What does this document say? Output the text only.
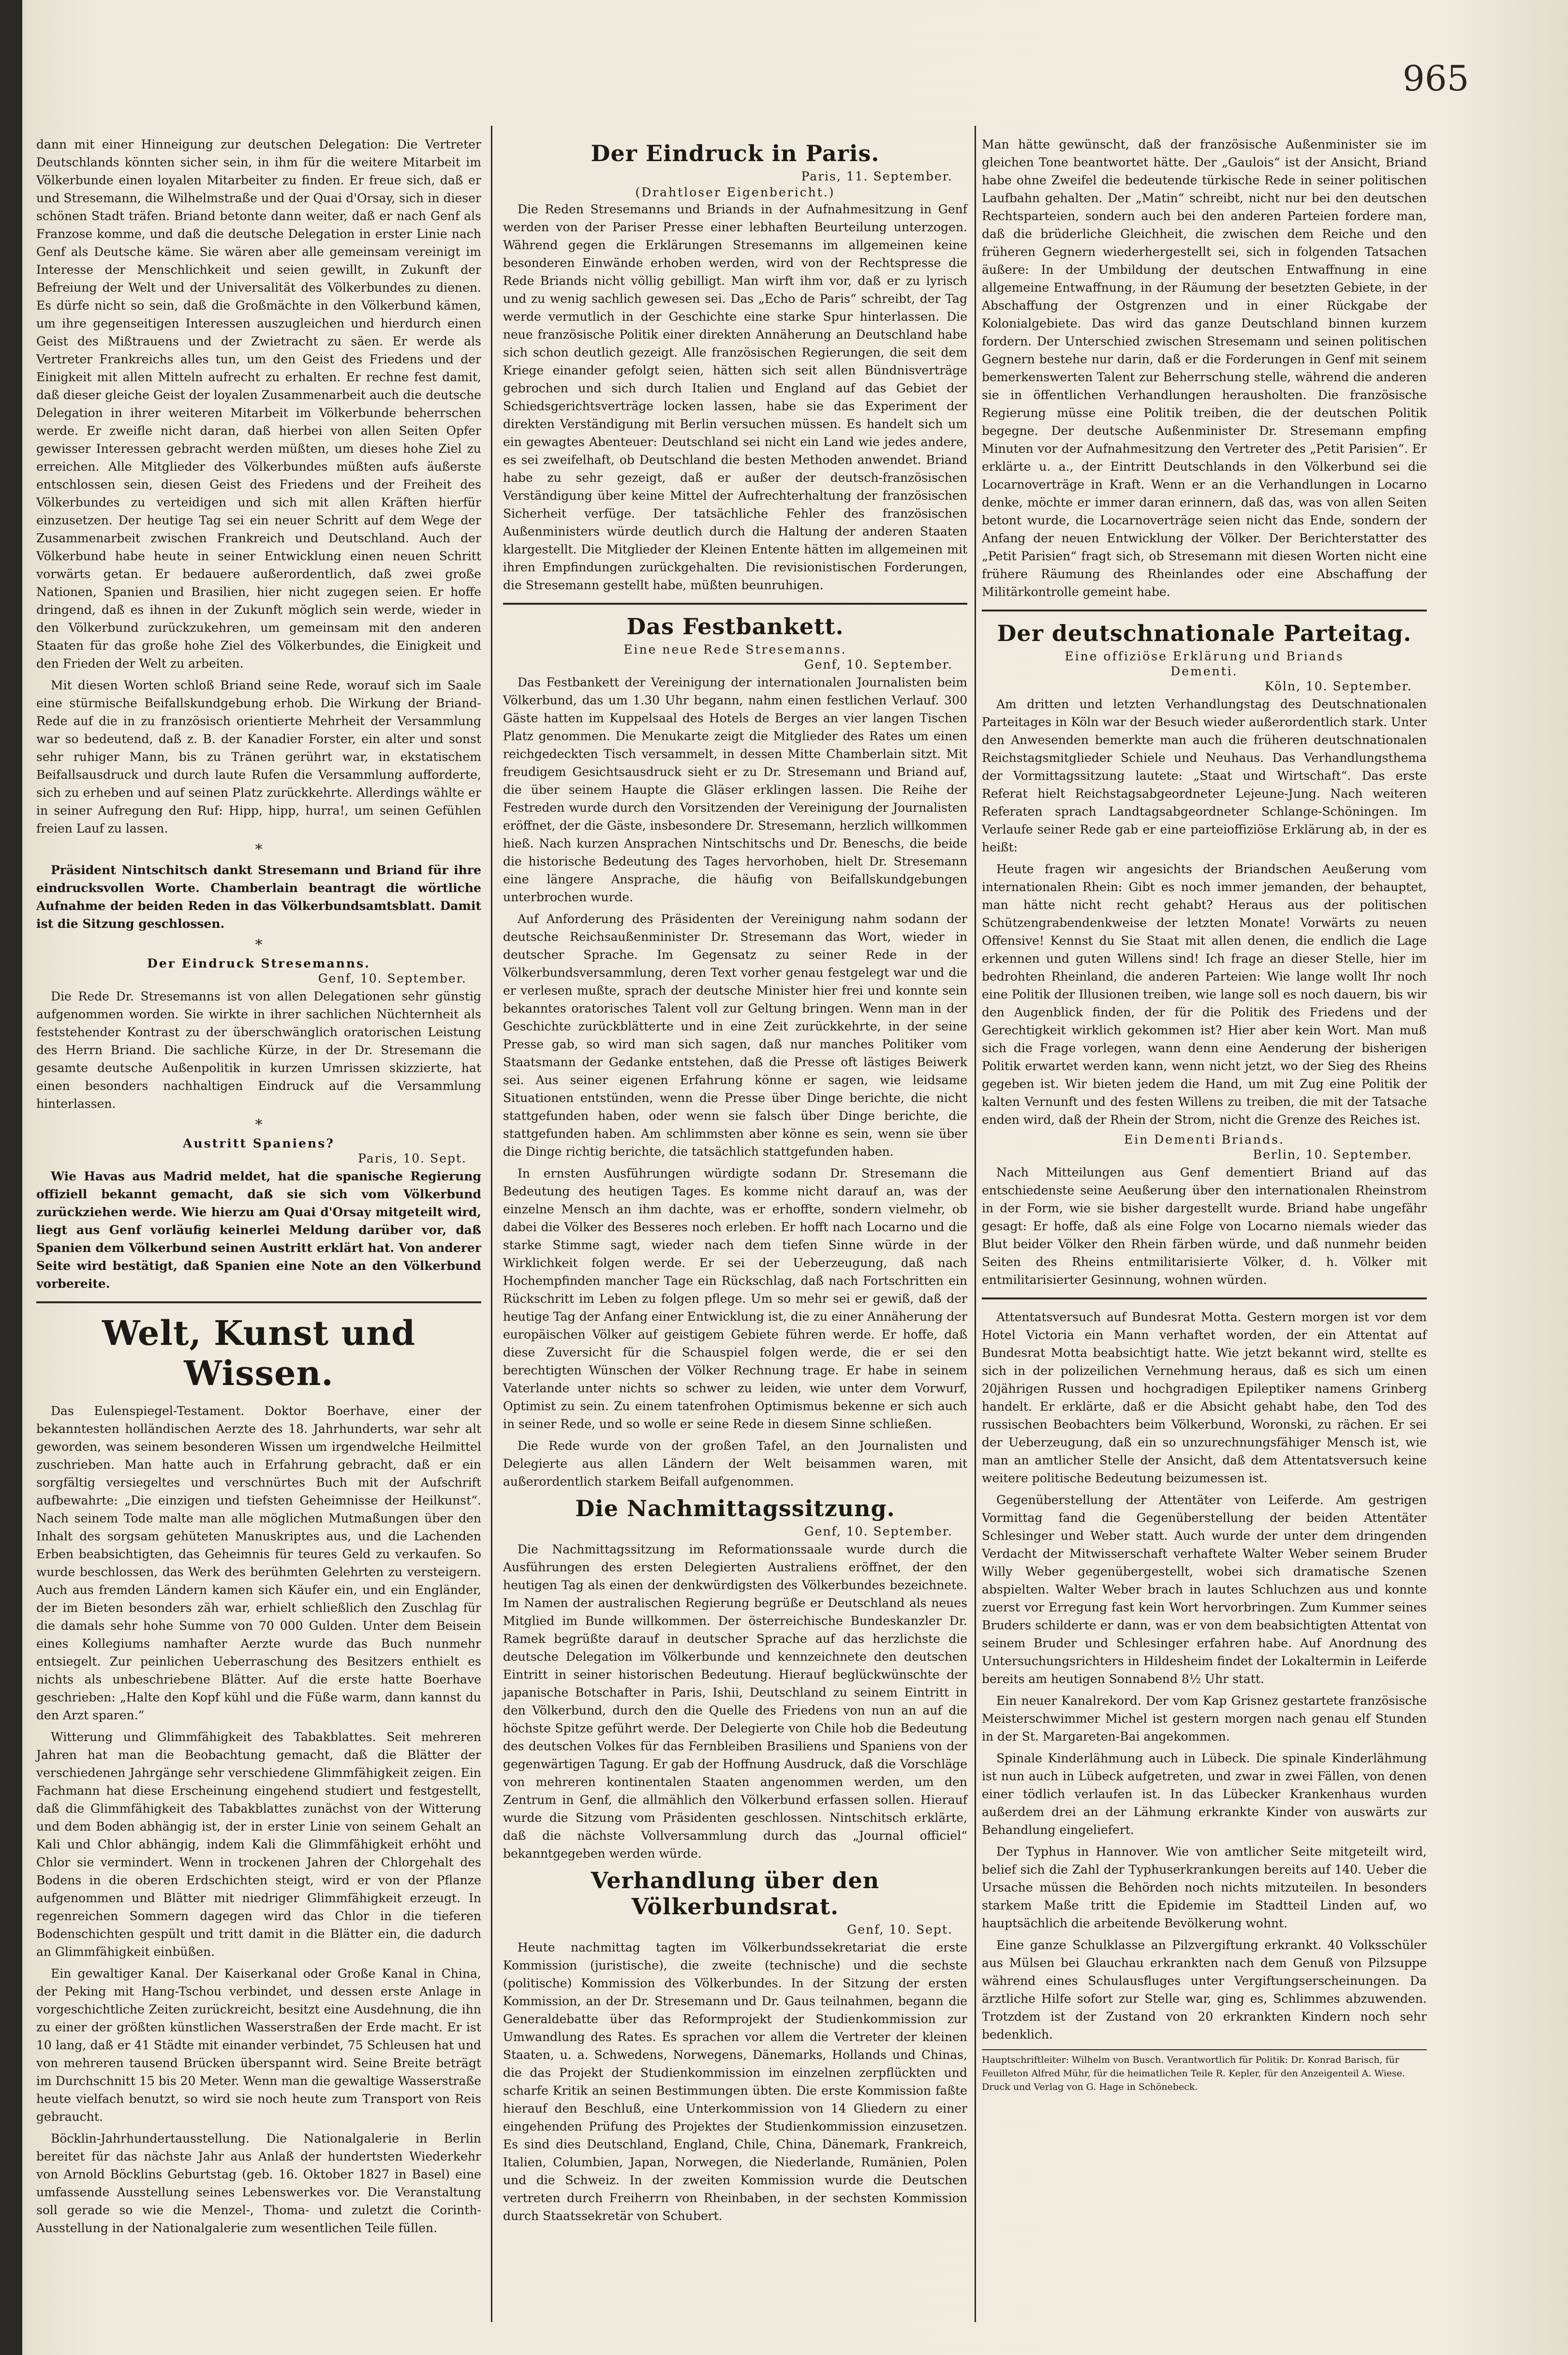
965

dann mit einer Hinneigung zur deutschen Delegation: Die Vertreter Deutschlands könnten sicher sein, in ihm für die weitere Mitarbeit im Völkerbunde einen loyalen Mitarbeiter zu finden. Er freue sich, daß er und Stresemann, die Wilhelmstraße und der Quai d'Orsay, sich in dieser schönen Stadt träfen. Briand betonte dann weiter, daß er nach Genf als Franzose komme, und daß die deutsche Delegation in erster Linie nach Genf als Deutsche käme. Sie wären aber alle gemeinsam vereinigt im Interesse der Menschlichkeit und seien gewillt, in Zukunft der Befreiung der Welt und der Universalität des Völkerbundes zu dienen. Es dürfe nicht so sein, daß die Großmächte in den Völkerbund kämen, um ihre gegenseitigen Interessen auszugleichen und hierdurch einen Geist des Mißtrauens und der Zwietracht zu säen. Er werde als Vertreter Frankreichs alles tun, um den Geist des Friedens und der Einigkeit mit allen Mitteln aufrecht zu erhalten. Er rechne fest damit, daß dieser gleiche Geist der loyalen Zusammenarbeit auch die deutsche Delegation in ihrer weiteren Mitarbeit im Völkerbunde beherrschen werde. Er zweifle nicht daran, daß hierbei von allen Seiten Opfer gewisser Interessen gebracht werden müßten, um dieses hohe Ziel zu erreichen. Alle Mitglieder des Völkerbundes müßten aufs äußerste entschlossen sein, diesen Geist des Friedens und der Freiheit des Völkerbundes zu verteidigen und sich mit allen Kräften hierfür einzusetzen. Der heutige Tag sei ein neuer Schritt auf dem Wege der Zusammenarbeit zwischen Frankreich und Deutschland. Auch der Völkerbund habe heute in seiner Entwicklung einen neuen Schritt vorwärts getan. Er bedauere außerordentlich, daß zwei große Nationen, Spanien und Brasilien, hier nicht zugegen seien. Er hoffe dringend, daß es ihnen in der Zukunft möglich sein werde, wieder in den Völkerbund zurückzukehren, um gemeinsam mit den anderen Staaten für das große hohe Ziel des Völkerbundes, die Einigkeit und den Frieden der Welt zu arbeiten.

Mit diesen Worten schloß Briand seine Rede, worauf sich im Saale eine stürmische Beifallskundgebung erhob. Die Wirkung der Briand-Rede auf die in zu französisch orientierte Mehrheit der Versammlung war so bedeutend, daß z. B. der Kanadier Forster, ein alter und sonst sehr ruhiger Mann, bis zu Tränen gerührt war, in ekstatischem Beifallsausdruck und durch laute Rufen die Versammlung aufforderte, sich zu erheben und auf seinen Platz zurückkehrte. Allerdings wählte er in seiner Aufregung den Ruf: Hipp, hipp, hurra!, um seinen Gefühlen freien Lauf zu lassen.

*

Präsident Nintschitsch dankt Stresemann und Briand für ihre eindrucksvollen Worte. Chamberlain beantragt die wörtliche Aufnahme der beiden Reden in das Völkerbundsamtsblatt. Damit ist die Sitzung geschlossen.

*
Der Eindruck Stresemanns.
Genf, 10. September.

Die Rede Dr. Stresemanns ist von allen Delegationen sehr günstig aufgenommen worden. Sie wirkte in ihrer sachlichen Nüchternheit als feststehender Kontrast zu der überschwänglich oratorischen Leistung des Herrn Briand. Die sachliche Kürze, in der Dr. Stresemann die gesamte deutsche Außenpolitik in kurzen Umrissen skizzierte, hat einen besonders nachhaltigen Eindruck auf die Versammlung hinterlassen.

*
Austritt Spaniens?
Paris, 10. Sept.

Wie Havas aus Madrid meldet, hat die spanische Regierung offiziell bekannt gemacht, daß sie sich vom Völkerbund zurückziehen werde. Wie hierzu am Quai d'Orsay mitgeteilt wird, liegt aus Genf vorläufig keinerlei Meldung darüber vor, daß Spanien dem Völkerbund seinen Austritt erklärt hat. Von anderer Seite wird bestätigt, daß Spanien eine Note an den Völkerbund vorbereite.

Welt, Kunst und Wissen.

Das Eulenspiegel-Testament. Doktor Boerhave, einer der bekanntesten holländischen Aerzte des 18. Jahrhunderts, war sehr alt geworden, was seinem besonderen Wissen um irgendwelche Heilmittel zuschrieben. Man hatte auch in Erfahrung gebracht, daß er ein sorgfältig versiegeltes und verschnürtes Buch mit der Aufschrift aufbewahrte: „Die einzigen und tiefsten Geheimnisse der Heilkunst“. Nach seinem Tode malte man alle möglichen Mutmaßungen über den Inhalt des sorgsam gehüteten Manuskriptes aus, und die Lachenden Erben beabsichtigten, das Geheimnis für teures Geld zu verkaufen. So wurde beschlossen, das Werk des berühmten Gelehrten zu versteigern. Auch aus fremden Ländern kamen sich Käufer ein, und ein Engländer, der im Bieten besonders zäh war, erhielt schließlich den Zuschlag für die damals sehr hohe Summe von 70 000 Gulden. Unter dem Beisein eines Kollegiums namhafter Aerzte wurde das Buch nunmehr entsiegelt. Zur peinlichen Ueberraschung des Besitzers enthielt es nichts als unbeschriebene Blätter. Auf die erste hatte Boerhave geschrieben: „Halte den Kopf kühl und die Füße warm, dann kannst du den Arzt sparen.“

Witterung und Glimmfähigkeit des Tabakblattes. Seit mehreren Jahren hat man die Beobachtung gemacht, daß die Blätter der verschiedenen Jahrgänge sehr verschiedene Glimmfähigkeit zeigen. Ein Fachmann hat diese Erscheinung eingehend studiert und festgestellt, daß die Glimmfähigkeit des Tabakblattes zunächst von der Witterung und dem Boden abhängig ist, der in erster Linie von seinem Gehalt an Kali und Chlor abhängig, indem Kali die Glimmfähigkeit erhöht und Chlor sie vermindert. Wenn in trockenen Jahren der Chlorgehalt des Bodens in die oberen Erdschichten steigt, wird er von der Pflanze aufgenommen und Blätter mit niedriger Glimmfähigkeit erzeugt. In regenreichen Sommern dagegen wird das Chlor in die tieferen Bodenschichten gespült und tritt damit in die Blätter ein, die dadurch an Glimmfähigkeit einbüßen.

Ein gewaltiger Kanal. Der Kaiserkanal oder Große Kanal in China, der Peking mit Hang-Tschou verbindet, und dessen erste Anlage in vorgeschichtliche Zeiten zurückreicht, besitzt eine Ausdehnung, die ihn zu einer der größten künstlichen Wasserstraßen der Erde macht. Er ist 10 lang, daß er 41 Städte mit einander verbindet, 75 Schleusen hat und von mehreren tausend Brücken überspannt wird. Seine Breite beträgt im Durchschnitt 15 bis 20 Meter. Wenn man die gewaltige Wasserstraße heute vielfach benutzt, so wird sie noch heute zum Transport von Reis gebraucht.

Böcklin-Jahrhundertausstellung. Die Nationalgalerie in Berlin bereitet für das nächste Jahr aus Anlaß der hundertsten Wiederkehr von Arnold Böcklins Geburtstag (geb. 16. Oktober 1827 in Basel) eine umfassende Ausstellung seines Lebenswerkes vor. Die Veranstaltung soll gerade so wie die Menzel-, Thoma- und zuletzt die Corinth-Ausstellung in der Nationalgalerie zum wesentlichen Teile füllen.

Der Eindruck in Paris.
Paris, 11. September.
(Drahtloser Eigenbericht.)

Die Reden Stresemanns und Briands in der Aufnahmesitzung in Genf werden von der Pariser Presse einer lebhaften Beurteilung unterzogen. Während gegen die Erklärungen Stresemanns im allgemeinen keine besonderen Einwände erhoben werden, wird von der Rechtspresse die Rede Briands nicht völlig gebilligt. Man wirft ihm vor, daß er zu lyrisch und zu wenig sachlich gewesen sei. Das „Echo de Paris“ schreibt, der Tag werde vermutlich in der Geschichte eine starke Spur hinterlassen. Die neue französische Politik einer direkten Annäherung an Deutschland habe sich schon deutlich gezeigt. Alle französischen Regierungen, die seit dem Kriege einander gefolgt seien, hätten sich seit allen Bündnisverträge gebrochen und sich durch Italien und England auf das Gebiet der Schiedsgerichtsverträge locken lassen, habe sie das Experiment der direkten Verständigung mit Berlin versuchen müssen. Es handelt sich um ein gewagtes Abenteuer: Deutschland sei nicht ein Land wie jedes andere, es sei zweifelhaft, ob Deutschland die besten Methoden anwendet. Briand habe zu sehr gezeigt, daß er außer der deutsch-französischen Verständigung über keine Mittel der Aufrechterhaltung der französischen Sicherheit verfüge. Der tatsächliche Fehler des französischen Außenministers würde deutlich durch die Haltung der anderen Staaten klargestellt. Die Mitglieder der Kleinen Entente hätten im allgemeinen mit ihren Empfindungen zurückgehalten. Die revisionistischen Forderungen, die Stresemann gestellt habe, müßten beunruhigen.

Das Festbankett.
Eine neue Rede Stresemanns.
Genf, 10. September.

Das Festbankett der Vereinigung der internationalen Journalisten beim Völkerbund, das um 1.30 Uhr begann, nahm einen festlichen Verlauf. 300 Gäste hatten im Kuppelsaal des Hotels de Berges an vier langen Tischen Platz genommen. Die Menukarte zeigt die Mitglieder des Rates um einen reichgedeckten Tisch versammelt, in dessen Mitte Chamberlain sitzt. Mit freudigem Gesichtsausdruck sieht er zu Dr. Stresemann und Briand auf, die über seinem Haupte die Gläser erklingen lassen. Die Reihe der Festreden wurde durch den Vorsitzenden der Vereinigung der Journalisten eröffnet, der die Gäste, insbesondere Dr. Stresemann, herzlich willkommen hieß. Nach kurzen Ansprachen Nintschitschs und Dr. Beneschs, die beide die historische Bedeutung des Tages hervorhoben, hielt Dr. Stresemann eine längere Ansprache, die häufig von Beifallskundgebungen unterbrochen wurde.

Auf Anforderung des Präsidenten der Vereinigung nahm sodann der deutsche Reichsaußenminister Dr. Stresemann das Wort, wieder in deutscher Sprache. Im Gegensatz zu seiner Rede in der Völkerbundsversammlung, deren Text vorher genau festgelegt war und die er verlesen mußte, sprach der deutsche Minister hier frei und konnte sein bekanntes oratorisches Talent voll zur Geltung bringen. Wenn man in der Geschichte zurückblätterte und in eine Zeit zurückkehrte, in der seine Presse gab, so wird man sich sagen, daß nur manches Politiker vom Staatsmann der Gedanke entstehen, daß die Presse oft lästiges Beiwerk sei. Aus seiner eigenen Erfahrung könne er sagen, wie leidsame Situationen entstünden, wenn die Presse über Dinge berichte, die nicht stattgefunden haben, oder wenn sie falsch über Dinge berichte, die stattgefunden haben. Am schlimmsten aber könne es sein, wenn sie über die Dinge richtig berichte, die tatsächlich stattgefunden haben.

In ernsten Ausführungen würdigte sodann Dr. Stresemann die Bedeutung des heutigen Tages. Es komme nicht darauf an, was der einzelne Mensch an ihm dachte, was er erhoffte, sondern vielmehr, ob dabei die Völker des Besseres noch erleben. Er hofft nach Locarno und die starke Stimme sagt, wieder nach dem tiefen Sinne würde in der Wirklichkeit folgen werde. Er sei der Ueberzeugung, daß nach Hochempfinden mancher Tage ein Rückschlag, daß nach Fortschritten ein Rückschritt im Leben zu folgen pflege. Um so mehr sei er gewiß, daß der heutige Tag der Anfang einer Entwicklung ist, die zu einer Annäherung der europäischen Völker auf geistigem Gebiete führen werde. Er hoffe, daß diese Zuversicht für die Schauspiel folgen werde, die er sei den berechtigten Wünschen der Völker Rechnung trage. Er habe in seinem Vaterlande unter nichts so schwer zu leiden, wie unter dem Vorwurf, Optimist zu sein. Zu einem tatenfrohen Optimismus bekenne er sich auch in seiner Rede, und so wolle er seine Rede in diesem Sinne schließen.

Die Rede wurde von der großen Tafel, an den Journalisten und Delegierte aus allen Ländern der Welt beisammen waren, mit außerordentlich starkem Beifall aufgenommen.

Die Nachmittagssitzung.
Genf, 10. September.

Die Nachmittagssitzung im Reformationssaale wurde durch die Ausführungen des ersten Delegierten Australiens eröffnet, der den heutigen Tag als einen der denkwürdigsten des Völkerbundes bezeichnete. Im Namen der australischen Regierung begrüße er Deutschland als neues Mitglied im Bunde willkommen. Der österreichische Bundeskanzler Dr. Ramek begrüßte darauf in deutscher Sprache auf das herzlichste die deutsche Delegation im Völkerbunde und kennzeichnete den deutschen Eintritt in seiner historischen Bedeutung. Hierauf beglückwünschte der japanische Botschafter in Paris, Ishii, Deutschland zu seinem Eintritt in den Völkerbund, durch den die Quelle des Friedens von nun an auf die höchste Spitze geführt werde. Der Delegierte von Chile hob die Bedeutung des deutschen Volkes für das Fernbleiben Brasiliens und Spaniens von der gegenwärtigen Tagung. Er gab der Hoffnung Ausdruck, daß die Vorschläge von mehreren kontinentalen Staaten angenommen werden, um den Zentrum in Genf, die allmählich den Völkerbund erfassen sollen. Hierauf wurde die Sitzung vom Präsidenten geschlossen. Nintschitsch erklärte, daß die nächste Vollversammlung durch das „Journal officiel“ bekanntgegeben werden würde.

Verhandlung über den Völkerbundsrat.
Genf, 10. Sept.

Heute nachmittag tagten im Völkerbundssekretariat die erste Kommission (juristische), die zweite (technische) und die sechste (politische) Kommission des Völkerbundes. In der Sitzung der ersten Kommission, an der Dr. Stresemann und Dr. Gaus teilnahmen, begann die Generaldebatte über das Reformprojekt der Studienkommission zur Umwandlung des Rates. Es sprachen vor allem die Vertreter der kleinen Staaten, u. a. Schwedens, Norwegens, Dänemarks, Hollands und Chinas, die das Projekt der Studienkommission im einzelnen zerpflückten und scharfe Kritik an seinen Bestimmungen übten. Die erste Kommission faßte hierauf den Beschluß, eine Unterkommission von 14 Gliedern zu einer eingehenden Prüfung des Projektes der Studienkommission einzusetzen. Es sind dies Deutschland, England, Chile, China, Dänemark, Frankreich, Italien, Columbien, Japan, Norwegen, die Niederlande, Rumänien, Polen und die Schweiz. In der zweiten Kommission wurde die Deutschen vertreten durch Freiherrn von Rheinbaben, in der sechsten Kommission durch Staatssekretär von Schubert.

Man hätte gewünscht, daß der französische Außenminister sie im gleichen Tone beantwortet hätte. Der „Gaulois“ ist der Ansicht, Briand habe ohne Zweifel die bedeutende türkische Rede in seiner politischen Laufbahn gehalten. Der „Matin“ schreibt, nicht nur bei den deutschen Rechtsparteien, sondern auch bei den anderen Parteien fordere man, daß die brüderliche Gleichheit, die zwischen dem Reiche und den früheren Gegnern wiederhergestellt sei, sich in folgenden Tatsachen äußere: In der Umbildung der deutschen Entwaffnung in eine allgemeine Entwaffnung, in der Räumung der besetzten Gebiete, in der Abschaffung der Ostgrenzen und in einer Rückgabe der Kolonialgebiete. Das wird das ganze Deutschland binnen kurzem fordern. Der Unterschied zwischen Stresemann und seinen politischen Gegnern bestehe nur darin, daß er die Forderungen in Genf mit seinem bemerkenswerten Talent zur Beherrschung stelle, während die anderen sie in öffentlichen Verhandlungen herausholten. Die französische Regierung müsse eine Politik treiben, die der deutschen Politik begegne. Der deutsche Außenminister Dr. Stresemann empfing Minuten vor der Aufnahmesitzung den Vertreter des „Petit Parisien“. Er erklärte u. a., der Eintritt Deutschlands in den Völkerbund sei die Locarnoverträge in Kraft. Wenn er an die Verhandlungen in Locarno denke, möchte er immer daran erinnern, daß das, was von allen Seiten betont wurde, die Locarnoverträge seien nicht das Ende, sondern der Anfang der neuen Entwicklung der Völker. Der Berichterstatter des „Petit Parisien“ fragt sich, ob Stresemann mit diesen Worten nicht eine frühere Räumung des Rheinlandes oder eine Abschaffung der Militärkontrolle gemeint habe.

Der deutschnationale Parteitag.
Eine offiziöse Erklärung und Briands
Dementi.
Köln, 10. September.

Am dritten und letzten Verhandlungstag des Deutschnationalen Parteitages in Köln war der Besuch wieder außerordentlich stark. Unter den Anwesenden bemerkte man auch die früheren deutschnationalen Reichstagsmitglieder Schiele und Neuhaus. Das Verhandlungsthema der Vormittagssitzung lautete: „Staat und Wirtschaft“. Das erste Referat hielt Reichstagsabgeordneter Lejeune-Jung. Nach weiteren Referaten sprach Landtagsabgeordneter Schlange-Schöningen. Im Verlaufe seiner Rede gab er eine parteioffiziöse Erklärung ab, in der es heißt:

Heute fragen wir angesichts der Briandschen Aeußerung vom internationalen Rhein: Gibt es noch immer jemanden, der behauptet, man hätte nicht recht gehabt? Heraus aus der politischen Schützengrabendenkweise der letzten Monate! Vorwärts zu neuen Offensive! Kennst du Sie Staat mit allen denen, die endlich die Lage erkennen und guten Willens sind! Ich frage an dieser Stelle, hier im bedrohten Rheinland, die anderen Parteien: Wie lange wollt Ihr noch eine Politik der Illusionen treiben, wie lange soll es noch dauern, bis wir den Augenblick finden, der für die Politik des Friedens und der Gerechtigkeit wirklich gekommen ist? Hier aber kein Wort. Man muß sich die Frage vorlegen, wann denn eine Aenderung der bisherigen Politik erwartet werden kann, wenn nicht jetzt, wo der Sieg des Rheins gegeben ist. Wir bieten jedem die Hand, um mit Zug eine Politik der kalten Vernunft und des festen Willens zu treiben, die mit der Tatsache enden wird, daß der Rhein der Strom, nicht die Grenze des Reiches ist.

Ein Dementi Briands.
Berlin, 10. September.

Nach Mitteilungen aus Genf dementiert Briand auf das entschiedenste seine Aeußerung über den internationalen Rheinstrom in der Form, wie sie bisher dargestellt wurde. Briand habe ungefähr gesagt: Er hoffe, daß als eine Folge von Locarno niemals wieder das Blut beider Völker den Rhein färben würde, und daß nunmehr beiden Seiten des Rheins entmilitarisierte Völker, d. h. Völker mit entmilitarisierter Gesinnung, wohnen würden.

Attentatsversuch auf Bundesrat Motta. Gestern morgen ist vor dem Hotel Victoria ein Mann verhaftet worden, der ein Attentat auf Bundesrat Motta beabsichtigt hatte. Wie jetzt bekannt wird, stellte es sich in der polizeilichen Vernehmung heraus, daß es sich um einen 20jährigen Russen und hochgradigen Epileptiker namens Grinberg handelt. Er erklärte, daß er die Absicht gehabt habe, den Tod des russischen Beobachters beim Völkerbund, Woronski, zu rächen. Er sei der Ueberzeugung, daß ein so unzurechnungsfähiger Mensch ist, wie man an amtlicher Stelle der Ansicht, daß dem Attentatsversuch keine weitere politische Bedeutung beizumessen ist.

Gegenüberstellung der Attentäter von Leiferde. Am gestrigen Vormittag fand die Gegenüberstellung der beiden Attentäter Schlesinger und Weber statt. Auch wurde der unter dem dringenden Verdacht der Mitwisserschaft verhaftete Walter Weber seinem Bruder Willy Weber gegenübergestellt, wobei sich dramatische Szenen abspielten. Walter Weber brach in lautes Schluchzen aus und konnte zuerst vor Erregung fast kein Wort hervorbringen. Zum Kummer seines Bruders schilderte er dann, was er von dem beabsichtigten Attentat von seinem Bruder und Schlesinger erfahren habe. Auf Anordnung des Untersuchungsrichters in Hildesheim findet der Lokaltermin in Leiferde bereits am heutigen Sonnabend 8½ Uhr statt.

Ein neuer Kanalrekord. Der vom Kap Grisnez gestartete französische Meisterschwimmer Michel ist gestern morgen nach genau elf Stunden in der St. Margareten-Bai angekommen.

Spinale Kinderlähmung auch in Lübeck. Die spinale Kinderlähmung ist nun auch in Lübeck aufgetreten, und zwar in zwei Fällen, von denen einer tödlich verlaufen ist. In das Lübecker Krankenhaus wurden außerdem drei an der Lähmung erkrankte Kinder von auswärts zur Behandlung eingeliefert.

Der Typhus in Hannover. Wie von amtlicher Seite mitgeteilt wird, belief sich die Zahl der Typhuserkrankungen bereits auf 140. Ueber die Ursache müssen die Behörden noch nichts mitzuteilen. In besonders starkem Maße tritt die Epidemie im Stadtteil Linden auf, wo hauptsächlich die arbeitende Bevölkerung wohnt.

Eine ganze Schulklasse an Pilzvergiftung erkrankt. 40 Volksschüler aus Mülsen bei Glauchau erkrankten nach dem Genuß von Pilzsuppe während eines Schulausfluges unter Vergiftungserscheinungen. Da ärztliche Hilfe sofort zur Stelle war, ging es, Schlimmes abzuwenden. Trotzdem ist der Zustand von 20 erkrankten Kindern noch sehr bedenklich.

Hauptschriftleiter: Wilhelm von Busch. Verantwortlich für Politik: Dr. Konrad Barisch, für Feuilleton Alfred Mühr, für die heimatlichen Teile R. Kepler, für den Anzeigenteil A. Wiese. Druck und Verlag von G. Hage in Schönebeck.
